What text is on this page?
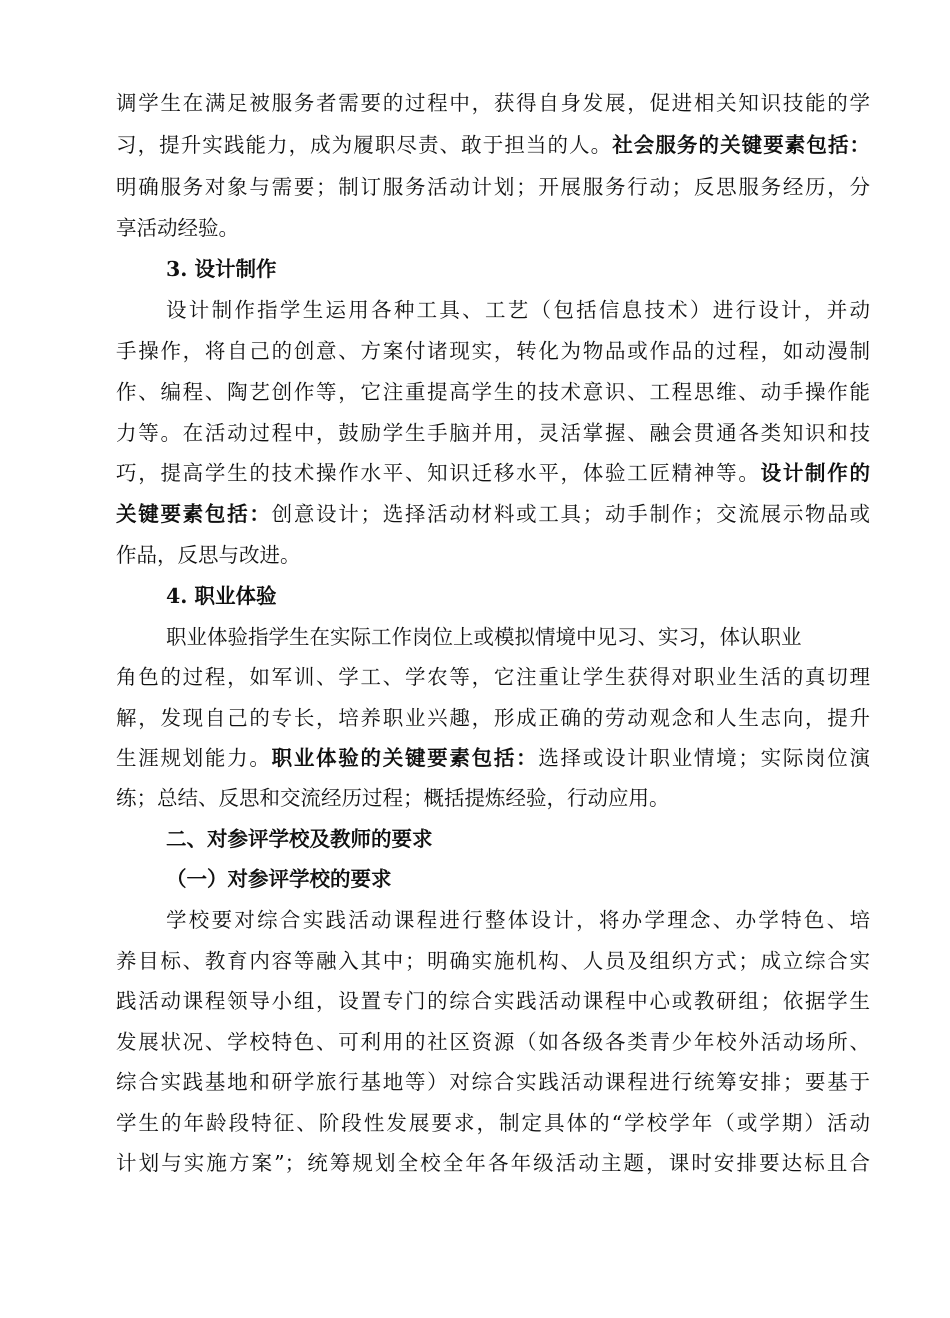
调学生在满足被服务者需要的过程中，获得自身发展，促进相关知识技能的学
习，提升实践能力，成为履职尽责、敢于担当的人。社会服务的关键要素包括：
明确服务对象与需要；制订服务活动计划；开展服务行动；反思服务经历，分
享活动经验。
3. 设计制作
设计制作指学生运用各种工具、工艺（包括信息技术）进行设计，并动
手操作，将自己的创意、方案付诸现实，转化为物品或作品的过程，如动漫制
作、编程、陶艺创作等，它注重提高学生的技术意识、工程思维、动手操作能
力等。在活动过程中，鼓励学生手脑并用，灵活掌握、融会贯通各类知识和技
巧，提高学生的技术操作水平、知识迁移水平，体验工匠精神等。设计制作的
关键要素包括：创意设计；选择活动材料或工具；动手制作；交流展示物品或
作品，反思与改进。
4. 职业体验
职业体验指学生在实际工作岗位上或模拟情境中见习、实习，体认职业
角色的过程，如军训、学工、学农等，它注重让学生获得对职业生活的真切理
解，发现自己的专长，培养职业兴趣，形成正确的劳动观念和人生志向，提升
生涯规划能力。职业体验的关键要素包括：选择或设计职业情境；实际岗位演
练；总结、反思和交流经历过程；概括提炼经验，行动应用。
二、对参评学校及教师的要求
（一）对参评学校的要求
学校要对综合实践活动课程进行整体设计，将办学理念、办学特色、培
养目标、教育内容等融入其中；明确实施机构、人员及组织方式；成立综合实
践活动课程领导小组，设置专门的综合实践活动课程中心或教研组；依据学生
发展状况、学校特色、可利用的社区资源（如各级各类青少年校外活动场所、
综合实践基地和研学旅行基地等）对综合实践活动课程进行统筹安排；要基于
学生的年龄段特征、阶段性发展要求，制定具体的“学校学年（或学期）活动
计划与实施方案”；统筹规划全校全年各年级活动主题，课时安排要达标且合
